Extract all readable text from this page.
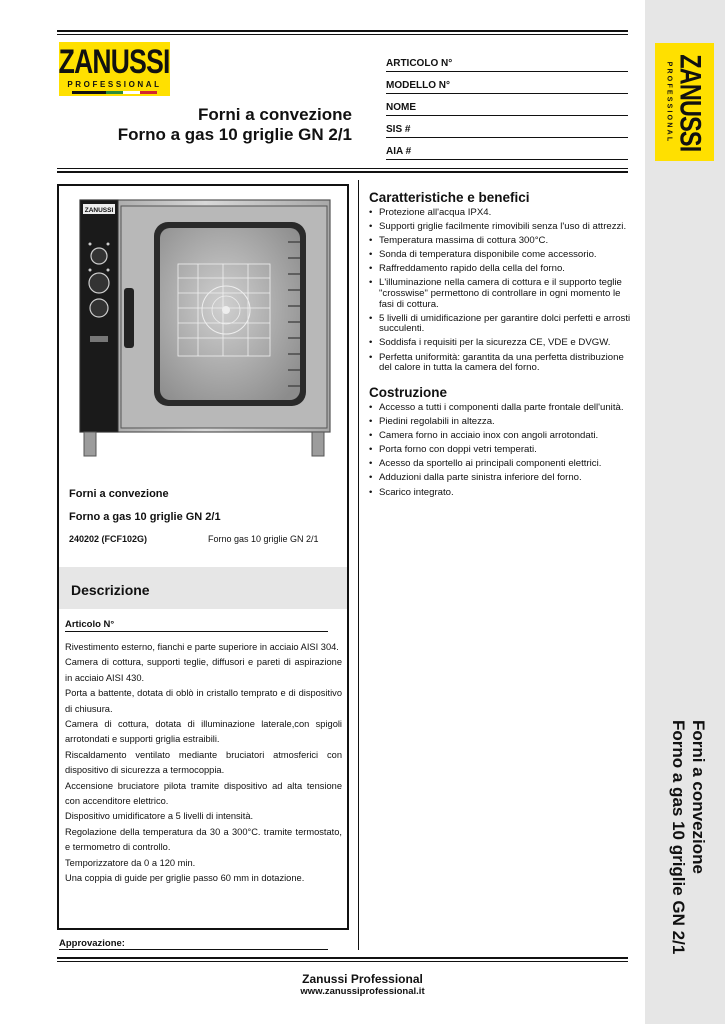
ZANUSSI
PROFESSIONAL	ZANUSSI
PROFESSIONAL
Forni a convezione
Forno a gas 10 griglie GN 2/1
ARTICOLO N°
MODELLO N°
NOME
SIS #
AIA #
ZANUSSI
Forni a convezione
Forno a gas 10 griglie GN 2/1
240202 (FCF102G)	Forno gas 10 griglie GN 2/1
Descrizione
Articolo N°

Rivestimento esterno, fianchi e parte superiore in acciaio AISI 304.

Camera di cottura, supporti teglie, diffusori e pareti di aspirazione in acciaio AISI 430.

Porta a battente, dotata di oblò in cristallo temprato e di dispositivo di chiusura.

Camera di cottura, dotata di illuminazione laterale,con spigoli arrotondati e supporti griglia estraibili.

Riscaldamento ventilato mediante bruciatori atmosferici con dispositivo di sicurezza a termocoppia.

Accensione bruciatore pilota tramite dispositivo ad alta tensione con accenditore elettrico.

Dispositivo umidificatore a 5 livelli di intensità.

Regolazione della temperatura da 30 a 300°C. tramite termostato, e termometro di controllo.

Temporizzatore da 0 a 120 min.

Una coppia di guide per griglie passo 60 mm in dotazione.

Approvazione:
Caratteristiche e benefici
• Protezione all'acqua IPX4.
• Supporti griglie facilmente rimovibili senza l'uso di attrezzi.
• Temperatura massima di cottura 300°C.
• Sonda di temperatura disponibile come accessorio.
• Raffreddamento rapido della cella del forno.
• L'illuminazione nella camera di cottura e il supporto teglie "crosswise" permettono di controllare in ogni momento le fasi di cottura.
• 5 livelli di umidificazione per garantire dolci perfetti e arrosti succulenti.
• Soddisfa i requisiti per la sicurezza CE, VDE e DVGW.
• Perfetta uniformità: garantita da una perfetta distribuzione del calore in tutta la camera del forno.
Costruzione
• Accesso a tutti i componenti dalla parte frontale dell'unità.
• Piedini regolabili in altezza.
• Camera forno in acciaio inox con angoli arrotondati.
• Porta forno con doppi vetri temperati.
• Acesso da sportello ai principali componenti elettrici.
• Adduzioni dalla parte sinistra inferiore del forno.
• Scarico integrato.
Forni a convezione
Forno a gas 10 griglie GN 2/1
Zanussi Professional
www.zanussiprofessional.it
